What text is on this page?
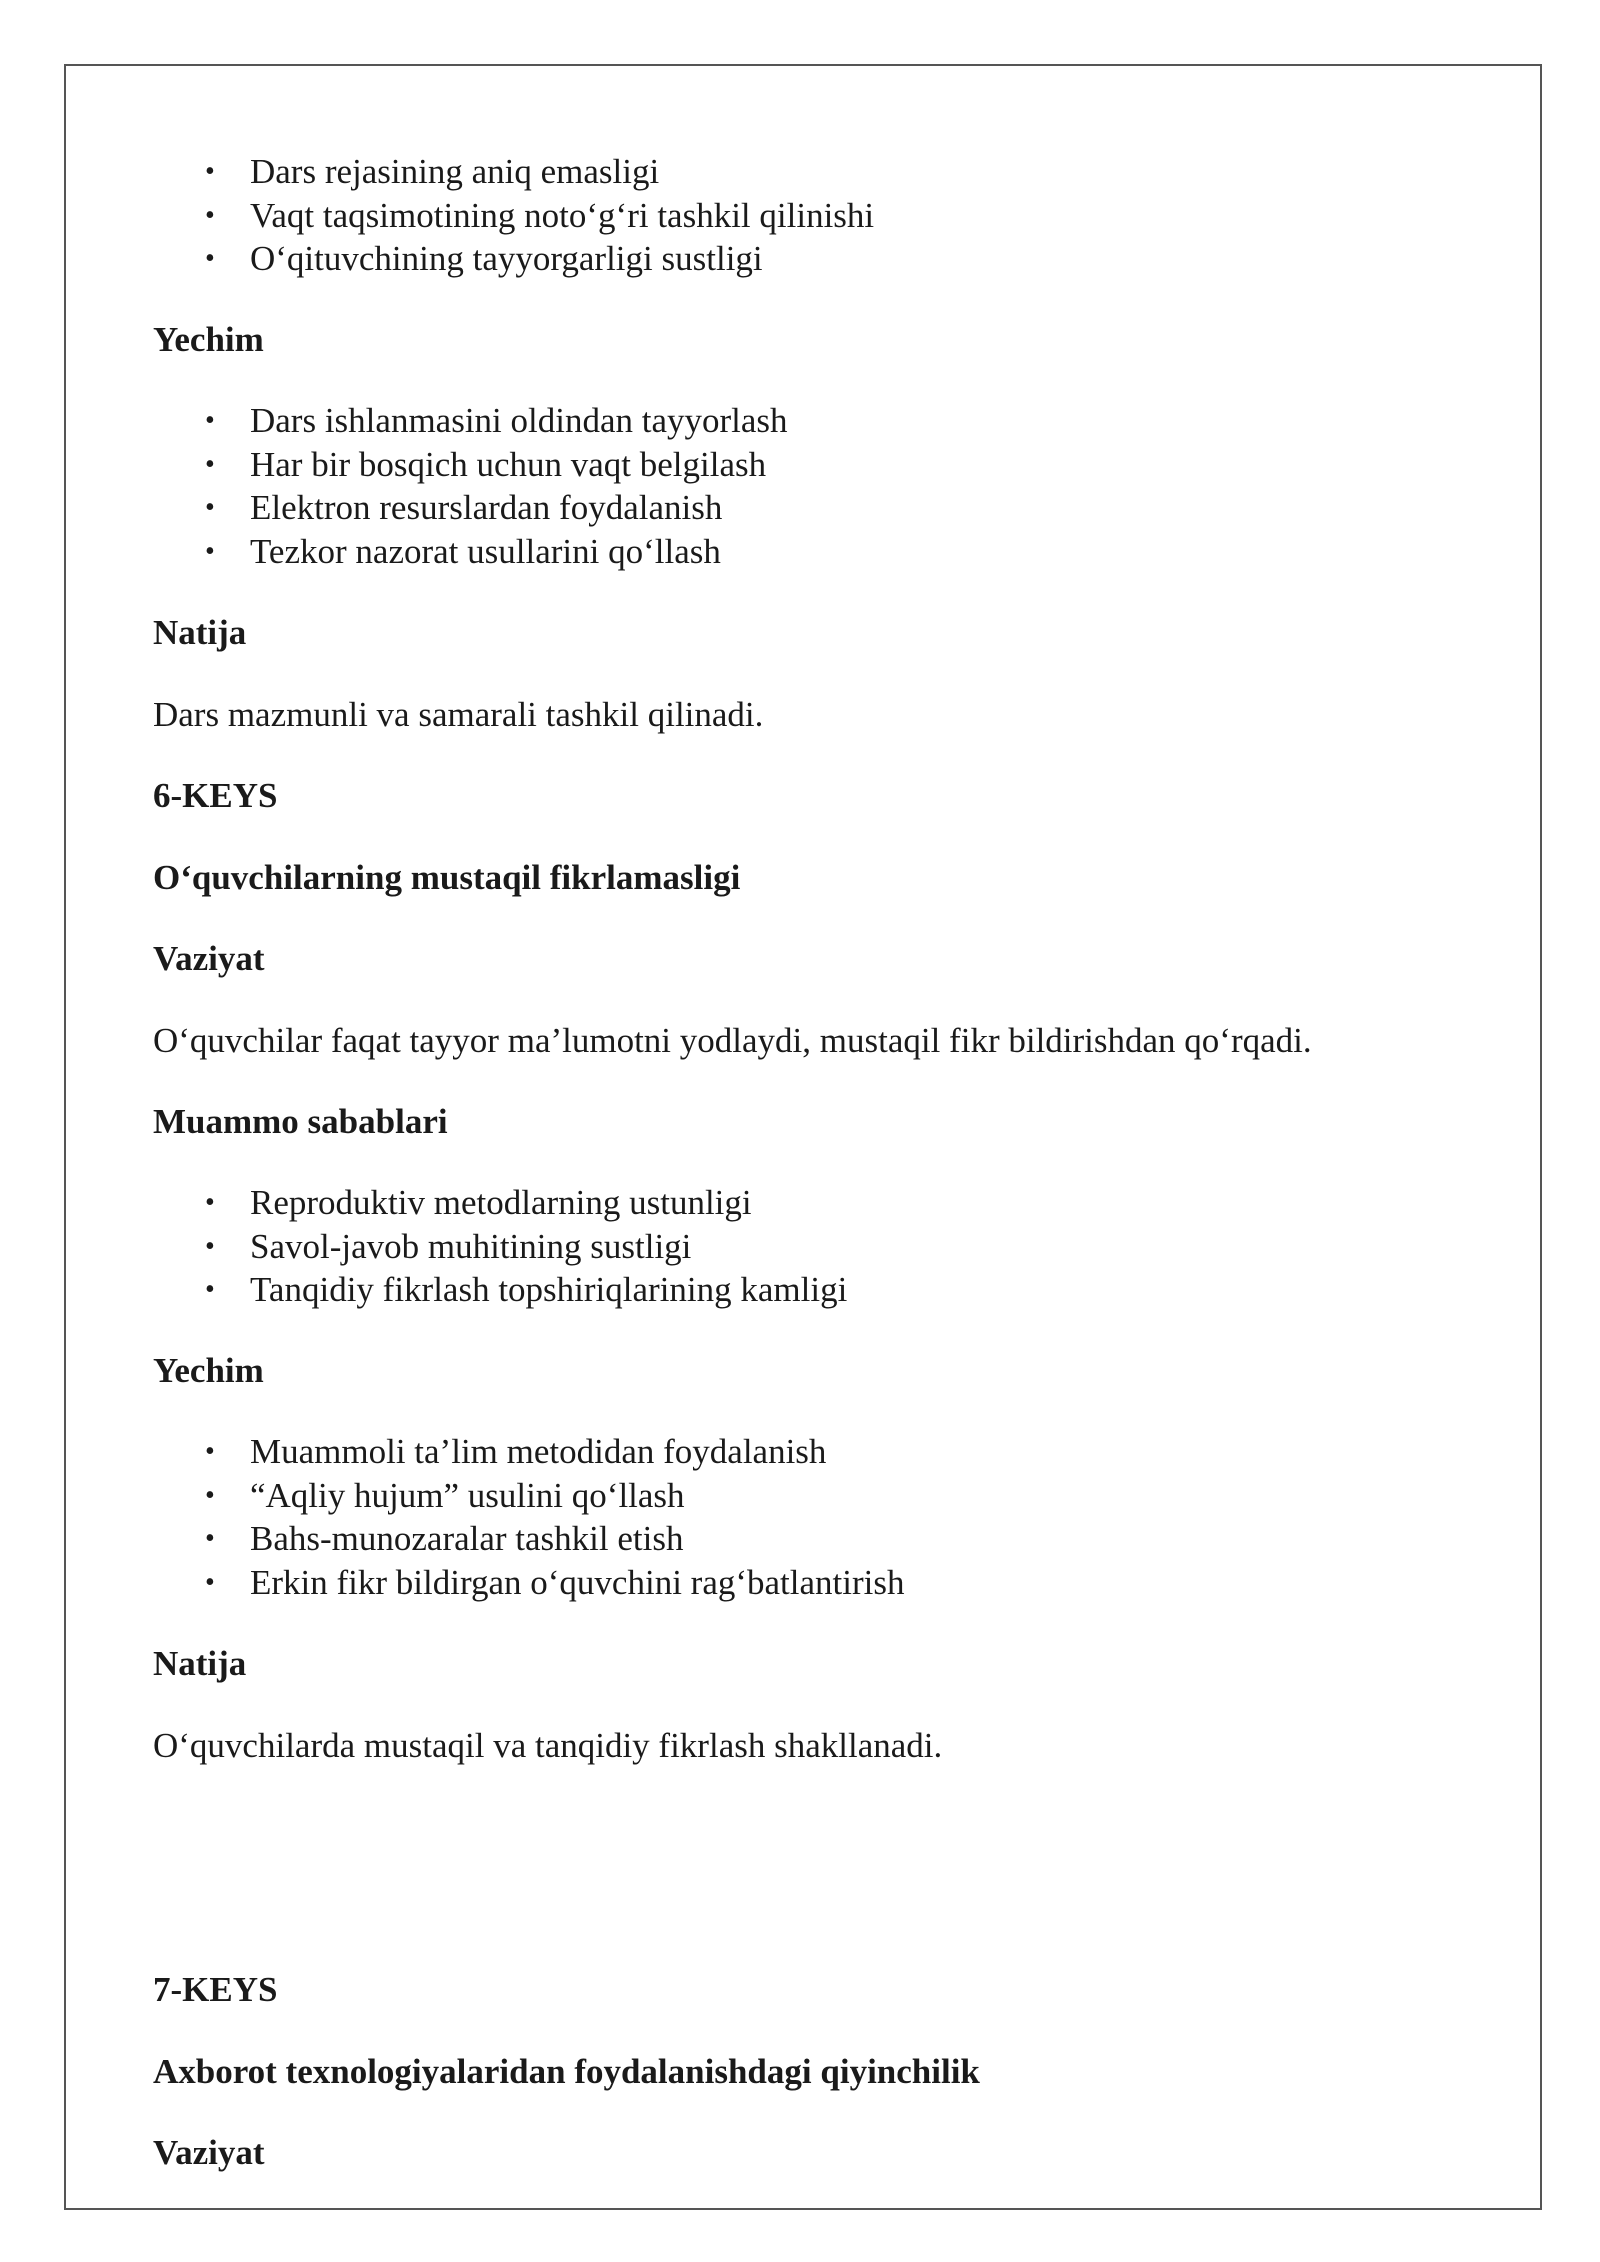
• Dars rejasining aniq emasligi
• Vaqt taqsimotining noto‘g‘ri tashkil qilinishi
• O‘qituvchining tayyorgarligi sustligi
Yechim
• Dars ishlanmasini oldindan tayyorlash
• Har bir bosqich uchun vaqt belgilash
• Elektron resurslardan foydalanish
• Tezkor nazorat usullarini qo‘llash
Natija
Dars mazmunli va samarali tashkil qilinadi.
6-KEYS
O‘quvchilarning mustaqil fikrlamasligi
Vaziyat
O‘quvchilar faqat tayyor ma’lumotni yodlaydi, mustaqil fikr bildirishdan qo‘rqadi.
Muammo sabablari
• Reproduktiv metodlarning ustunligi
• Savol-javob muhitining sustligi
• Tanqidiy fikrlash topshiriqlarining kamligi
Yechim
• Muammoli ta’lim metodidan foydalanish
• “Aqliy hujum” usulini qo‘llash
• Bahs-munozaralar tashkil etish
• Erkin fikr bildirgan o‘quvchini rag‘batlantirish
Natija
O‘quvchilarda mustaqil va tanqidiy fikrlash shakllanadi.
7-KEYS
Axborot texnologiyalaridan foydalanishdagi qiyinchilik
Vaziyat
